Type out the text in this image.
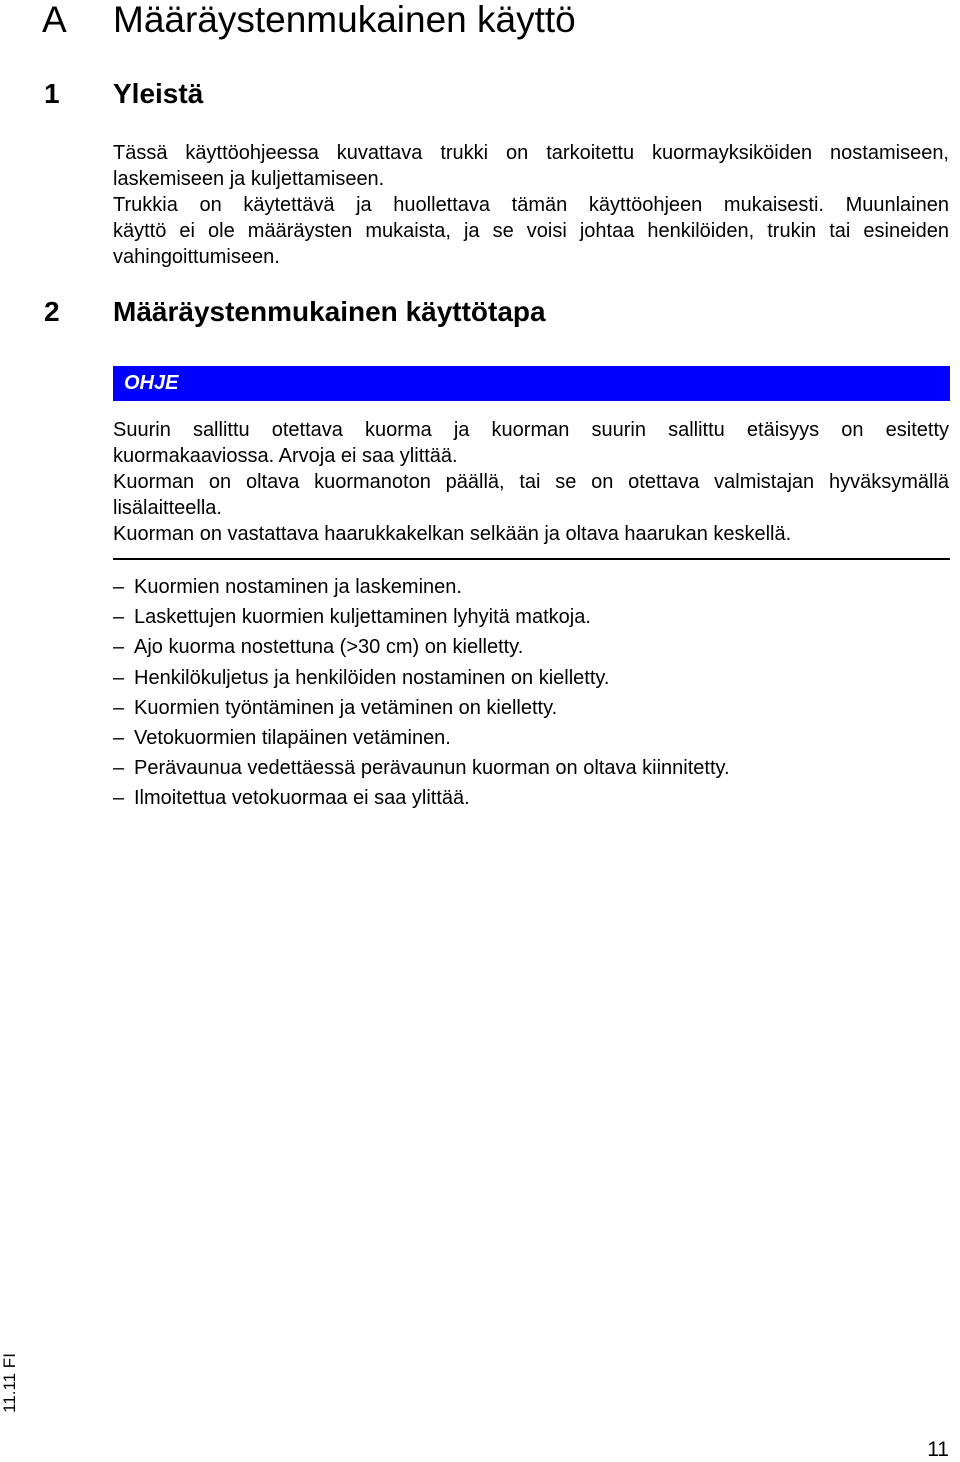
A Määräystenmukainen käyttö
1 Yleistä
Tässä käyttöohjeessa kuvattava trukki on tarkoitettu kuormayksiköiden nostamiseen,
laskemiseen ja kuljettamiseen.
Trukkia on käytettävä ja huollettava tämän käyttöohjeen mukaisesti. Muunlainen
käyttö ei ole määräysten mukaista, ja se voisi johtaa henkilöiden, trukin tai esineiden
vahingoittumiseen.
2 Määräystenmukainen käyttötapa
OHJE
Suurin sallittu otettava kuorma ja kuorman suurin sallittu etäisyys on esitetty
kuormakaaviossa. Arvoja ei saa ylittää.
Kuorman on oltava kuormanoton päällä, tai se on otettava valmistajan hyväksymällä
lisälaitteella.
Kuorman on vastattava haarukkakelkan selkään ja oltava haarukan keskellä.
– Kuormien nostaminen ja laskeminen.
– Laskettujen kuormien kuljettaminen lyhyitä matkoja.
– Ajo kuorma nostettuna (>30 cm) on kielletty.
– Henkilökuljetus ja henkilöiden nostaminen on kielletty.
– Kuormien työntäminen ja vetäminen on kielletty.
– Vetokuormien tilapäinen vetäminen.
– Perävaunua vedettäessä perävaunun kuorman on oltava kiinnitetty.
– Ilmoitettua vetokuormaa ei saa ylittää.
11.11 FI
11
